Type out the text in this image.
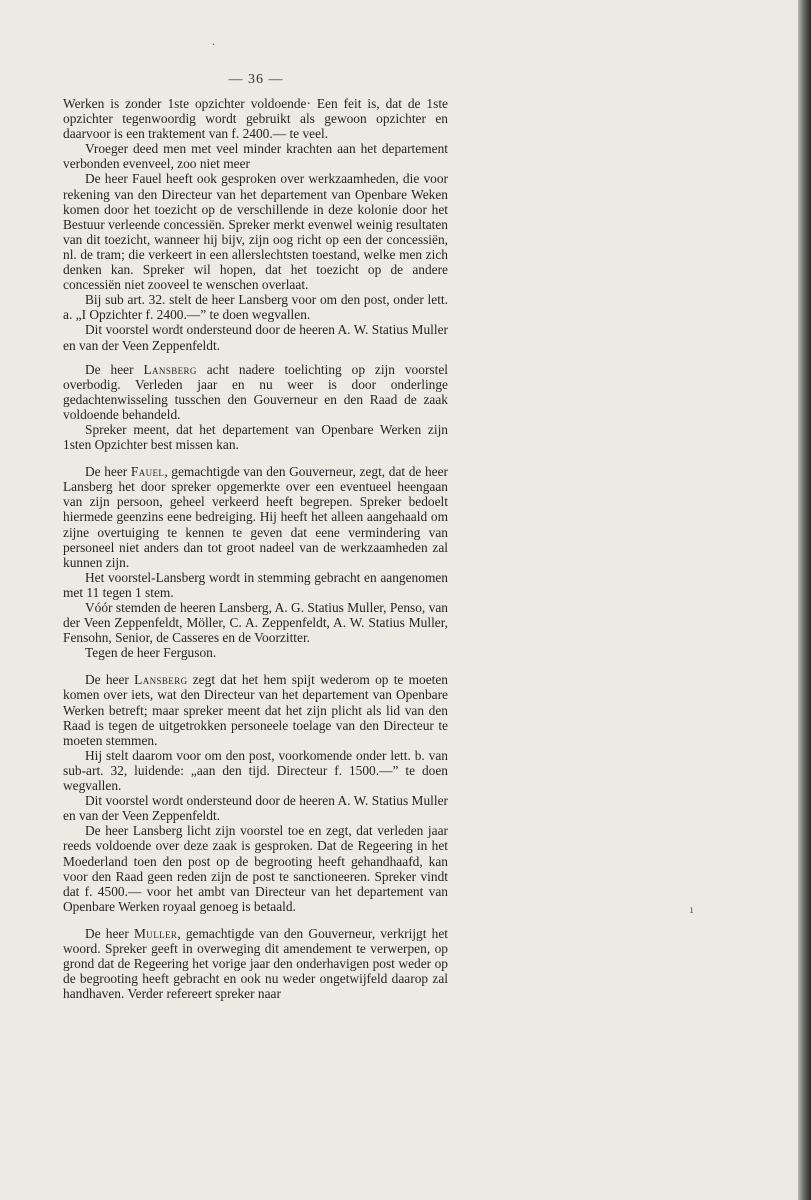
— 36 —

Werken is zonder 1ste opzichter voldoende· Een feit is, dat de 1ste opzichter tegenwoordig wordt gebruikt als gewoon opzichter en daarvoor is een traktement van f. 2400.— te veel.

Vroeger deed men met veel minder krachten aan het departement verbonden evenveel, zoo niet meer

De heer Fauel heeft ook gesproken over werkzaamheden, die voor rekening van den Directeur van het departement van Openbare Weken komen door het toezicht op de verschillende in deze kolonie door het Bestuur verleende concessiën. Spreker merkt evenwel weinig resultaten van dit toezicht, wanneer hij bijv, zijn oog richt op een der concessiën, nl. de tram; die verkeert in een allerslechtsten toestand, welke men zich denken kan. Spreker wil hopen, dat het toezicht op de andere concessiën niet zooveel te wenschen overlaat.

Bij sub art. 32. stelt de heer Lansberg voor om den post, onder lett. a. „I Opzichter f. 2400.—” te doen wegvallen.

Dit voorstel wordt ondersteund door de heeren A. W. Statius Muller en van der Veen Zeppenfeldt.

De heer Lansberg acht nadere toelichting op zijn voorstel overbodig. Verleden jaar en nu weer is door onderlinge gedachtenwisseling tusschen den Gouverneur en den Raad de zaak voldoende behandeld.

Spreker meent, dat het departement van Openbare Werken zijn 1sten Opzichter best missen kan.

De heer Fauel, gemachtigde van den Gouverneur, zegt, dat de heer Lansberg het door spreker opgemerkte over een eventueel heengaan van zijn persoon, geheel verkeerd heeft begrepen. Spreker bedoelt hiermede geenzins eene bedreiging. Hij heeft het alleen aangehaald om zijne overtuiging te kennen te geven dat eene vermindering van personeel niet anders dan tot groot nadeel van de werkzaamheden zal kunnen zijn.

Het voorstel-Lansberg wordt in stemming gebracht en aangenomen met 11 tegen 1 stem.

Vóór stemden de heeren Lansberg, A. G. Statius Muller, Penso, van der Veen Zeppenfeldt, Möller, C. A. Zeppenfeldt, A. W. Statius Muller, Fensohn, Senior, de Casseres en de Voorzitter.

Tegen de heer Ferguson.

De heer Lansberg zegt dat het hem spijt wederom op te moeten komen over iets, wat den Directeur van het departement van Openbare Werken betreft; maar spreker meent dat het zijn plicht als lid van den Raad is tegen de uitgetrokken personeele toelage van den Directeur te moeten stemmen.

Hij stelt daarom voor om den post, voorkomende onder lett. b. van sub-art. 32, luidende: „aan den tijd. Directeur f. 1500.—” te doen wegvallen.

Dit voorstel wordt ondersteund door de heeren A. W. Statius Muller en van der Veen Zeppenfeldt.

De heer Lansberg licht zijn voorstel toe en zegt, dat verleden jaar reeds voldoende over deze zaak is gesproken. Dat de Regeering in het Moederland toen den post op de begrooting heeft gehandhaafd, kan voor den Raad geen reden zijn de post te sanctioneeren. Spreker vindt dat f. 4500.— voor het ambt van Directeur van het departement van Openbare Werken royaal genoeg is betaald.

De heer Muller, gemachtigde van den Gouverneur, verkrijgt het woord. Spreker geeft in overweging dit amendement te verwerpen, op grond dat de Regeering het vorige jaar den onderhavigen post weder op de begrooting heeft gebracht en ook nu weder ongetwijfeld daarop zal handhaven. Verder refereert spreker naar

·
ı
